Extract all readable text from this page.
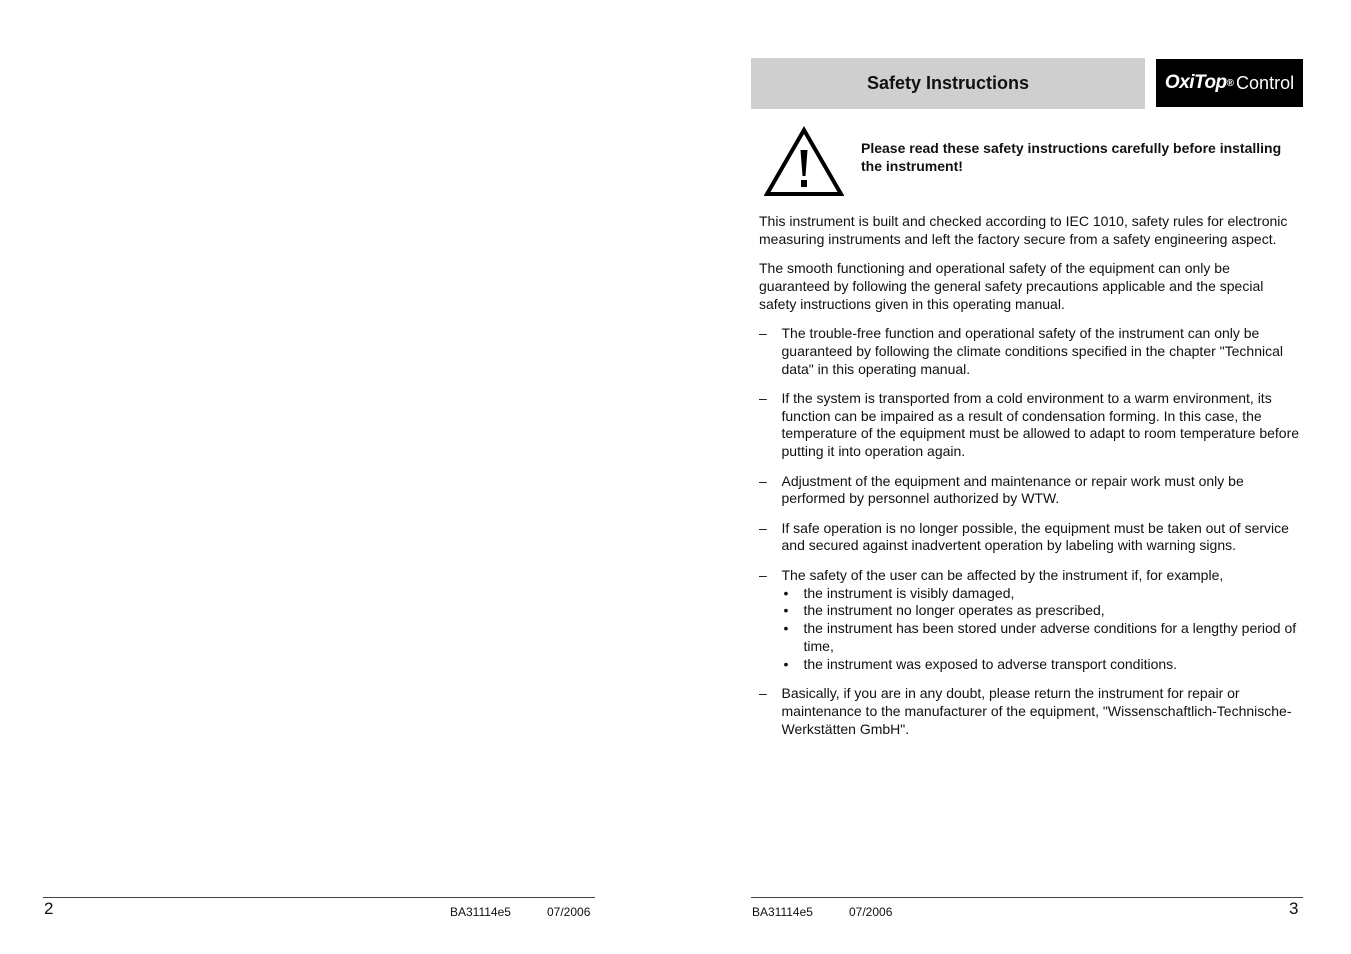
2	BA31114e5	07/2006
Safety Instructions	OxiTop ® Control

Please read these safety instructions carefully before installing the instrument!

This instrument is built and checked according to IEC 1010, safety rules for electronic measuring instruments and left the factory secure from a safety engineering aspect.

The smooth functioning and operational safety of the equipment can only be guaranteed by following the general safety precautions applicable and the special safety instructions given in this operating manual.

– The trouble-free function and operational safety of the instrument can only be guaranteed by following the climate conditions specified in the chapter "Technical data" in this operating manual.
– If the system is transported from a cold environment to a warm environment, its function can be impaired as a result of condensation forming. In this case, the temperature of the equipment must be allowed to adapt to room temperature before putting it into operation again.
– Adjustment of the equipment and maintenance or repair work must only be performed by personnel authorized by WTW.
– If safe operation is no longer possible, the equipment must be taken out of service and secured against inadvertent operation by labeling with warning signs.
– The safety of the user can be affected by the instrument if, for example,
• the instrument is visibly damaged,
• the instrument no longer operates as prescribed,
• the instrument has been stored under adverse conditions for a lengthy period of time,
• the instrument was exposed to adverse transport conditions.
– Basically, if you are in any doubt, please return the instrument for repair or maintenance to the manufacturer of the equipment, "Wissenschaftlich-Technische-Werkstätten GmbH".
BA31114e5	07/2006	3
